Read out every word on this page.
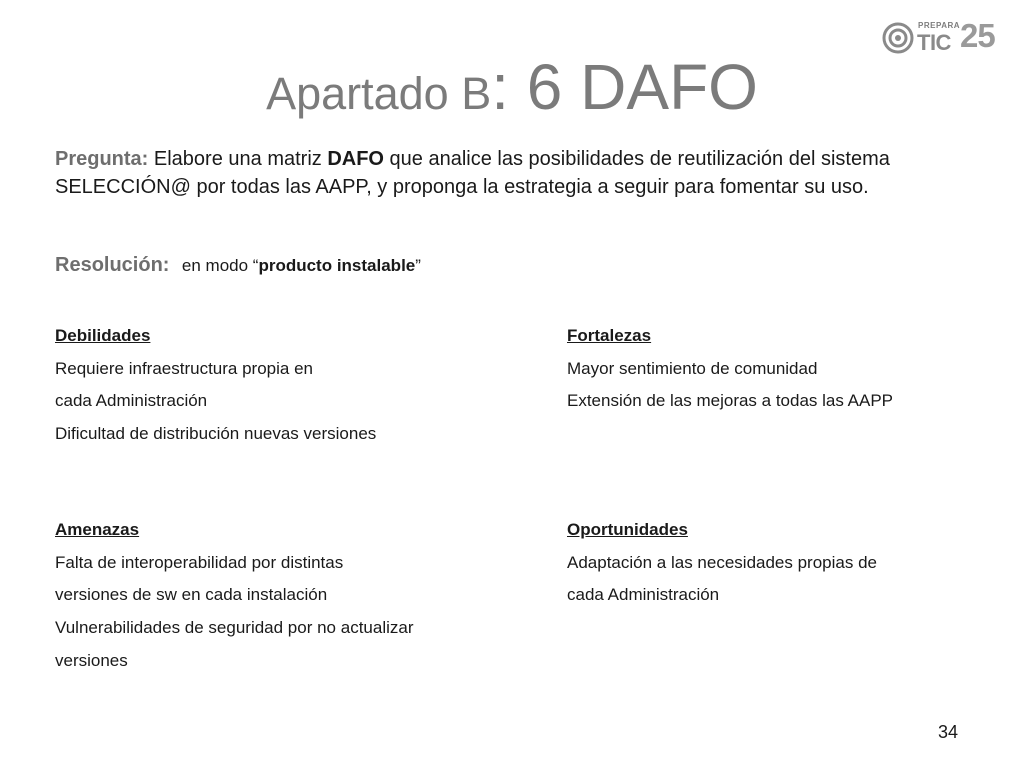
PREPARA
TIC 25
Apartado B: 6 DAFO
Pregunta: Elabore una matriz DAFO que analice las posibilidades de reutilización del sistema SELECCIÓN@ por todas las AAPP, y proponga la estrategia a seguir para fomentar su uso.
Resolución: en modo “producto instalable”
Debilidades
Requiere infraestructura propia en
cada Administración
Dificultad de distribución nuevas versiones
Fortalezas
Mayor sentimiento de comunidad
Extensión de las mejoras a todas las AAPP
Amenazas
Falta de interoperabilidad por distintas
versiones de sw en cada instalación
Vulnerabilidades de seguridad por no actualizar
versiones
Oportunidades
Adaptación a las necesidades propias de
cada Administración
34
